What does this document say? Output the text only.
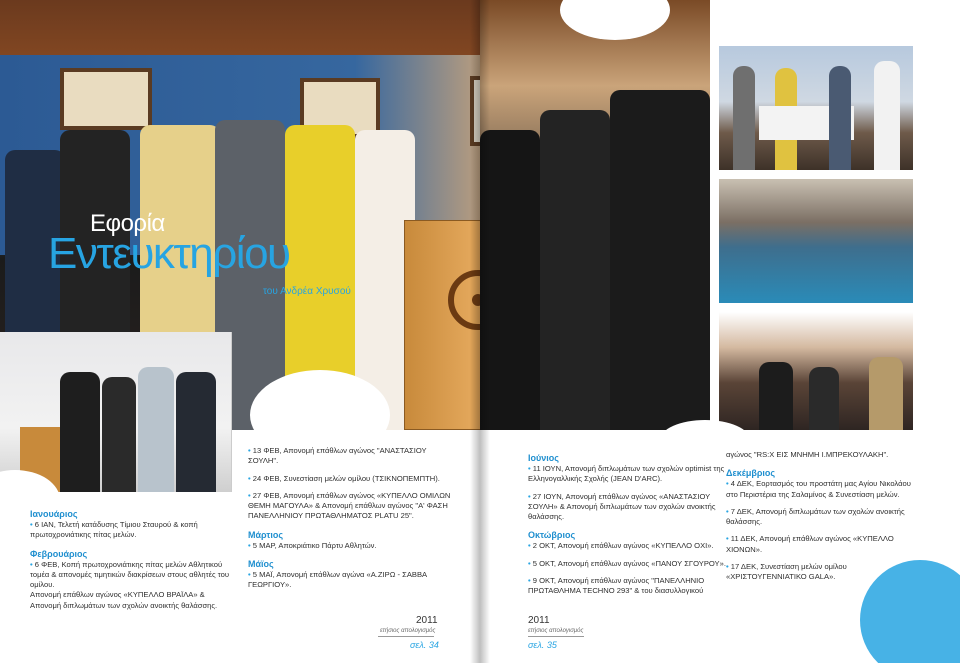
Εφορία
Εντευκτηρίου
του Ανδρέα Χρυσού
Ιανουάριος

• 6 ΙΑΝ, Τελετή κατάδυσης Τίμιου Σταυρού & κοπή πρωτοχρονιάτικης πίτας μελών.

Φεβρουάριος

• 6 ΦΕΒ, Κοπή πρωτοχρονιάτικης πίτας μελών Αθλητικού τομέα & απονομές τιμητικών διακρίσεων στους αθλητές του ομίλου.

Απονομή επάθλων αγώνος «ΚΥΠΕΛΛΟ ΒΡΑΪΛΑ» & Απονομή διπλωμάτων των σχολών ανοικτής θαλάσσης.

• 13 ΦΕΒ, Απονομή επάθλων αγώνος "ΑΝΑΣΤΑΣΙΟΥ ΣΟΥΛΗ".

• 24 ΦΕΒ, Συνεστίαση μελών ομίλου (ΤΣΙΚΝΟΠΕΜΠΤΗ).

• 27 ΦΕΒ, Απονομή επάθλων αγώνος «ΚΥΠΕΛΛΟ ΟΜΙΛΩΝ ΘΕΜΗ ΜΑΓΟΥΛΑ» & Απονομή επάθλων αγώνος "Α' ΦΑΣΗ ΠΑΝΕΛΛΗΝΙΟΥ ΠΡΩΤΑΘΛΗΜΑΤΟΣ PLATU 25".

Μάρτιος

• 5 ΜΑΡ, Αποκριάτικο Πάρτυ Αθλητών.

Μάϊος

• 5 ΜΑΪ, Απονομή επάθλων αγώνα «Α.ΖΙΡΩ - ΣΑΒΒΑ ΓΕΩΡΓΙΟΥ».

2011
ετήσιος απολογισμός
σελ. 34
Ιούνιος

• 11 ΙΟΥΝ, Απονομή διπλωμάτων των σχολών optimist της Ελληνογαλλικής Σχολής (JEAN D'ARC).

• 27 ΙΟΥΝ, Απονομή επάθλων αγώνος «ΑΝΑΣΤΑΣΙΟΥ ΣΟΥΛΗ» & Απονομή διπλωμάτων των σχολών ανοικτής θαλάσσης.

Οκτώβριος

• 2 ΟΚΤ, Απονομή επάθλων αγώνος «ΚΥΠΕΛΛΟ ΟΧΙ».

• 5 ΟΚΤ, Απονομή επάθλων αγώνος «ΠΑΝΟΥ ΣΓΟΥΡΟΥ».

• 9 ΟΚΤ, Απονομή επάθλων αγώνος "ΠΑΝΕΛΛΗΝΙΟ ΠΡΩΤΑΘΛΗΜΑ TECHNO 293" & του διασυλλογικού

αγώνος "RS:X ΕΙΣ ΜΝΗΜΗ Ι.ΜΠΡΕΚΟΥΛΑΚΗ".

Δεκέμβριος

• 4 ΔΕΚ, Εορτασμός του προστάτη μας Αγίου Νικολάου στο Περιστέρια της Σαλαμίνος & Συνεστίαση μελών.

• 7 ΔΕΚ, Απονομή διπλωμάτων των σχολών ανοικτής θαλάσσης.

• 11 ΔΕΚ, Απονομή επάθλων αγώνος «ΚΥΠΕΛΛΟ ΧΙΟΝΩΝ».

• 17 ΔΕΚ, Συνεστίαση μελών ομίλου «ΧΡΙΣΤΟΥΓΕΝΝΙΑΤΙΚΟ GALA».

2011
ετήσιος απολογισμός
σελ. 35
